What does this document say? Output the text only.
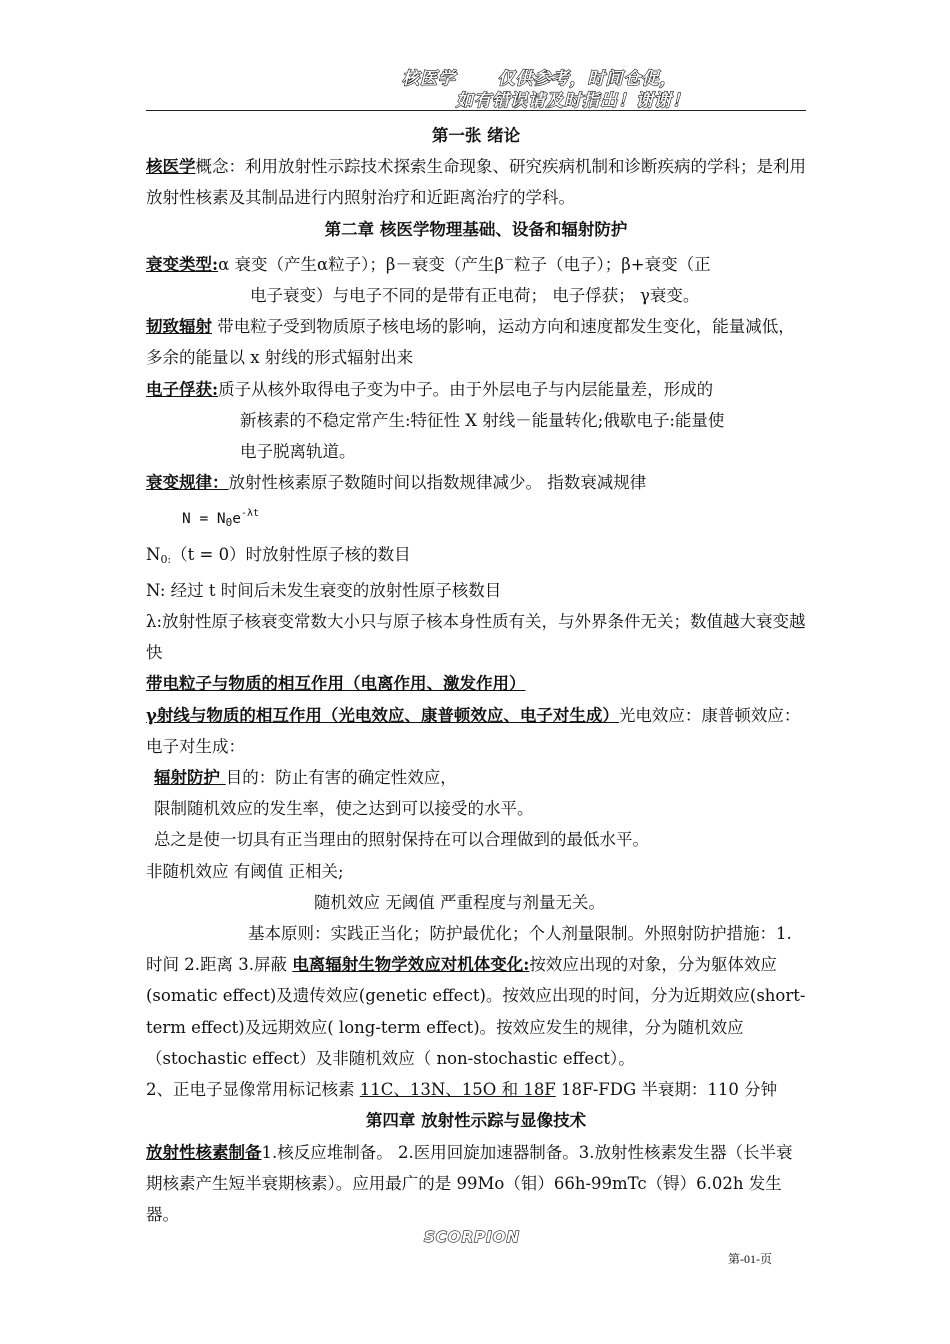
核医学      仅供参考，时间仓促，
如有错误请及时指出！谢谢！

第一张 绪论

核医学概念：利用放射性示踪技术探索生命现象、研究疾病机制和诊断疾病的学科；是利用放射性核素及其制品进行内照射治疗和近距离治疗的学科。

第二章 核医学物理基础、设备和辐射防护

衰变类型:α 衰变（产生α粒子）；β－衰变（产生β－粒子（电子）；β+衰变（正

电子衰变）与电子不同的是带有正电荷； 电子俘获； γ衰变。

韧致辐射 带电粒子受到物质原子核电场的影响，运动方向和速度都发生变化，能量减低，多余的能量以 x 射线的形式辐射出来

电子俘获:质子从核外取得电子变为中子。由于外层电子与内层能量差，形成的

新核素的不稳定常产生:特征性 X 射线－能量转化;俄歇电子:能量使

电子脱离轨道。

衰变规律：放射性核素原子数随时间以指数规律减少。 指数衰减规律

$N = N_0e^{-\lambda t}$

$N_{0:}(t = 0)$时放射性原子核的数目

N: 经过 t 时间后未发生衰变的放射性原子核数目

λ:放射性原子核衰变常数大小只与原子核本身性质有关，与外界条件无关；数值越大衰变越快

带电粒子与物质的相互作用（电离作用、激发作用）

γ射线与物质的相互作用（光电效应、康普顿效应、电子对生成）光电效应：康普顿效应：电子对生成：

辐射防护 目的：防止有害的确定性效应，

限制随机效应的发生率，使之达到可以接受的水平。

总之是使一切具有正当理由的照射保持在可以合理做到的最低水平。

非随机效应 有阈值 正相关;

随机效应 无阈值 严重程度与剂量无关。

基本原则：实践正当化；防护最优化；个人剂量限制。外照射防护措施：1.时间 2.距离 3.屏蔽 电离辐射生物学效应对机体变化:按效应出现的对象，分为躯体效应(somatic effect)及遗传效应(genetic effect)。按效应出现的时间，分为近期效应(short-term effect)及远期效应( long-term effect)。按效应发生的规律，分为随机效应（stochastic effect）及非随机效应（ non-stochastic effect）。

2、正电子显像常用标记核素 11C、13N、15O 和 18F 18F-FDG 半衰期：110 分钟

第四章 放射性示踪与显像技术

放射性核素制备1.核反应堆制备。 2.医用回旋加速器制备。3.放射性核素发生器（长半衰期核素产生短半衰期核素）。应用最广的是 99Mo（钼）66h-99mTc（锝）6.02h 发生器。

SCORPION
第-01-页
